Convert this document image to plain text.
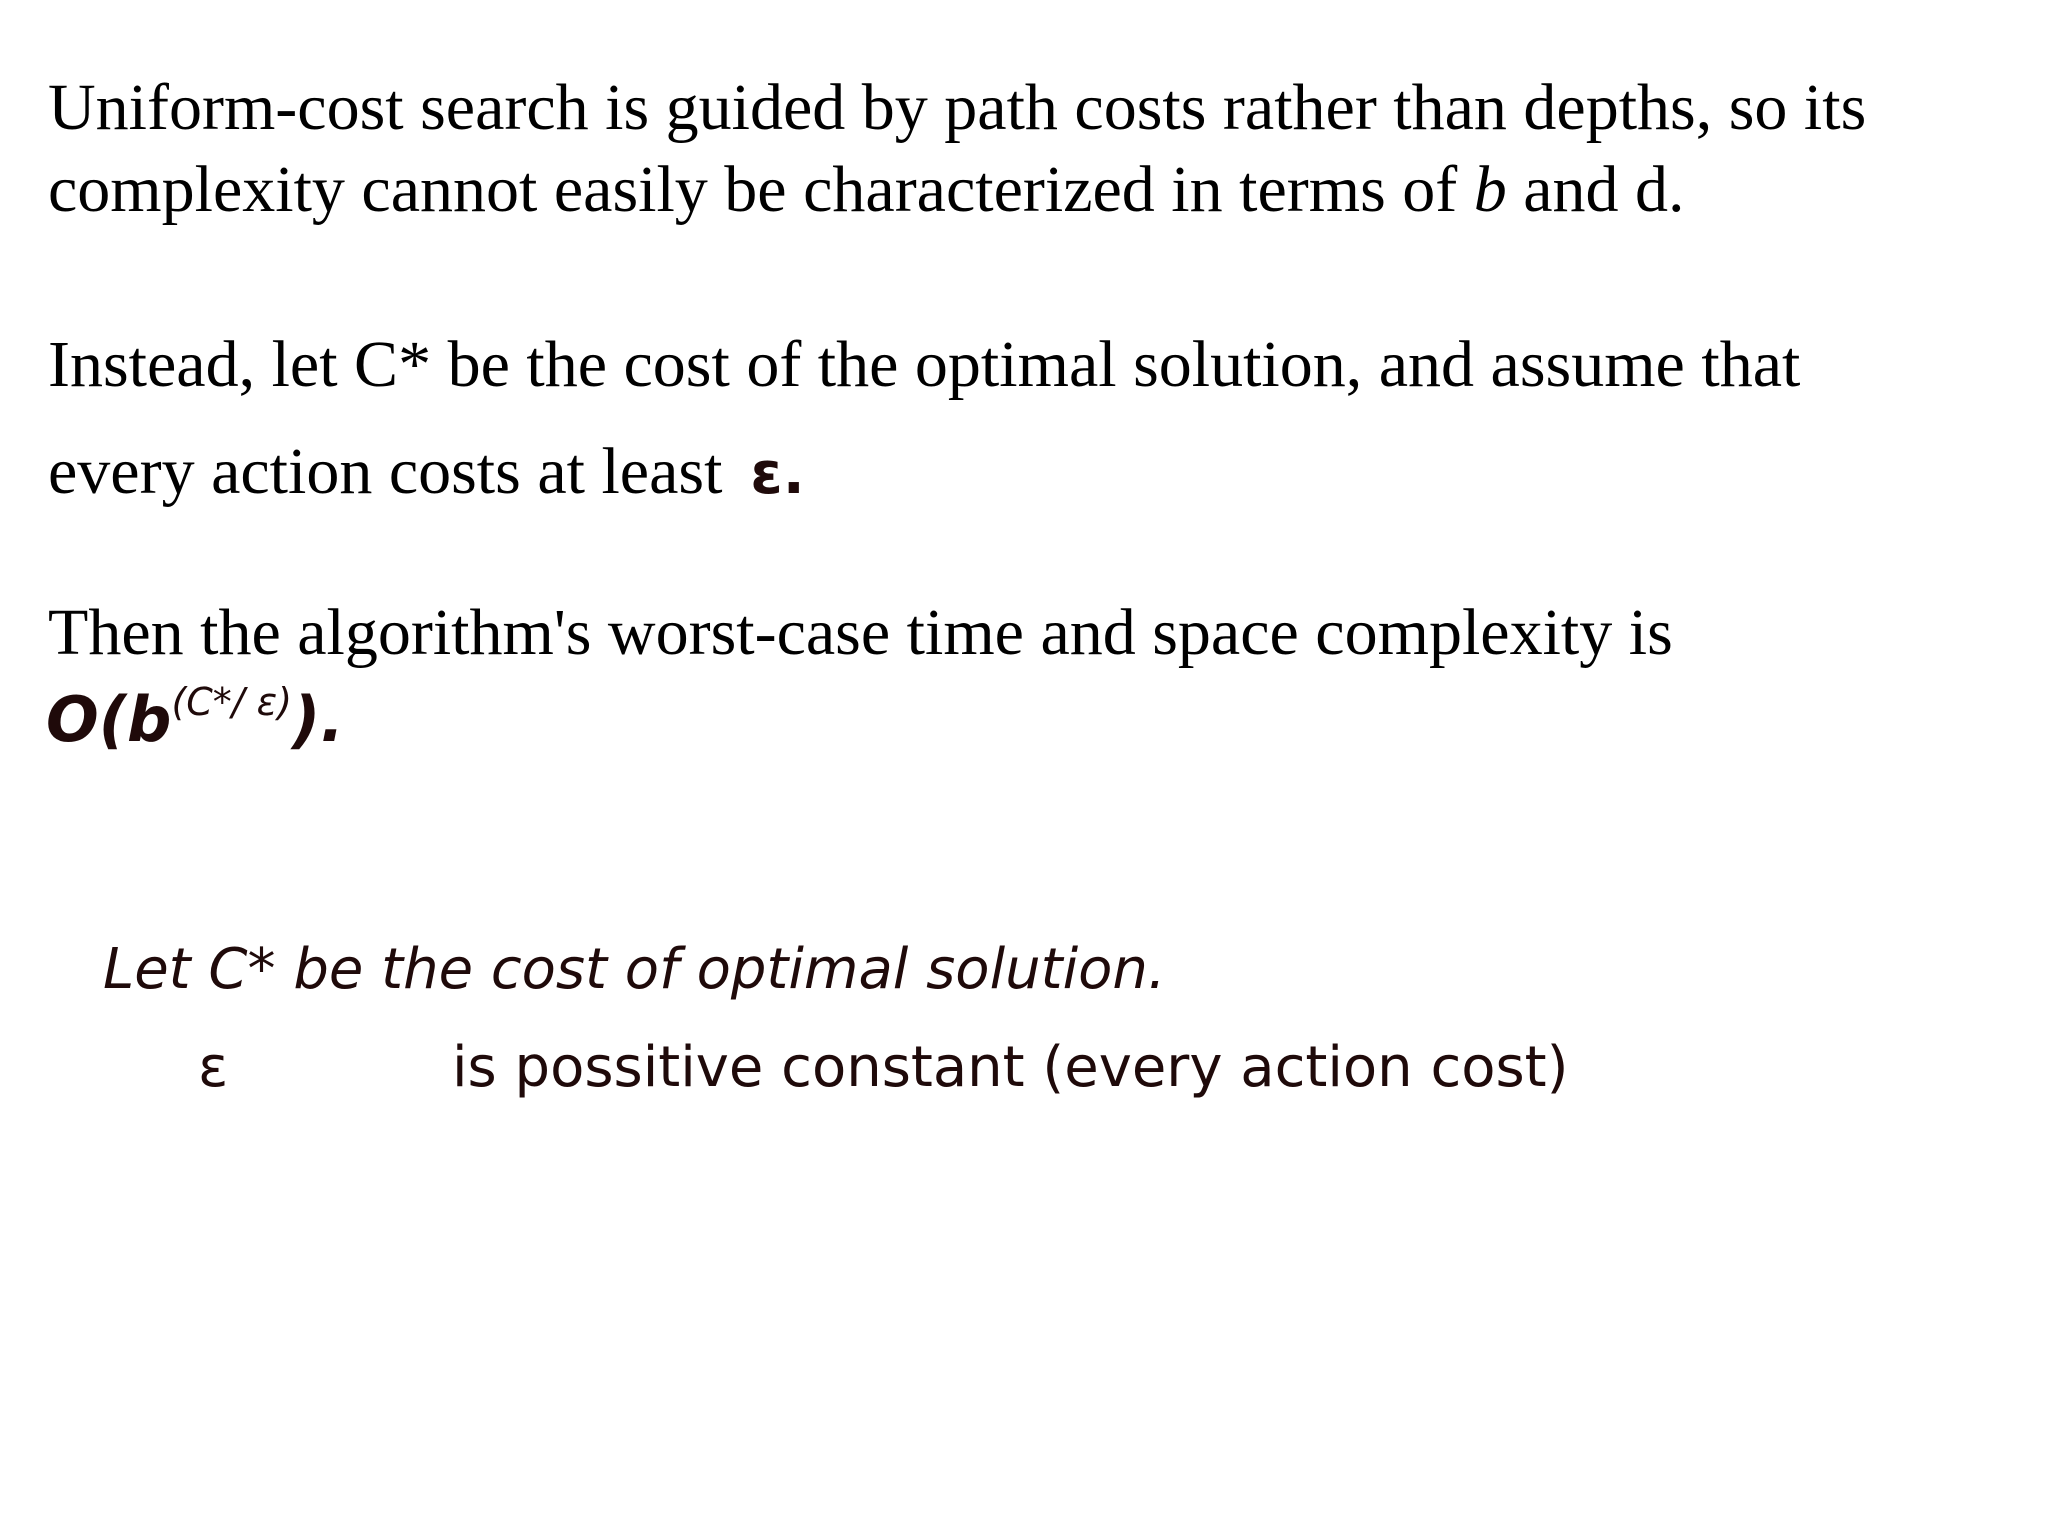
Uniform-cost search is guided by path costs rather than depths, so its
complexity cannot easily be characterized in terms of b and d.
Instead, let C* be the cost of the optimal solution, and assume that
every action costs at least ε.
Then the algorithm's worst-case time and space complexity is
$O(b^{(C*/ \varepsilon)})$.
Let C* be the cost of optimal solution.
ε	is possitive constant (every action cost)
